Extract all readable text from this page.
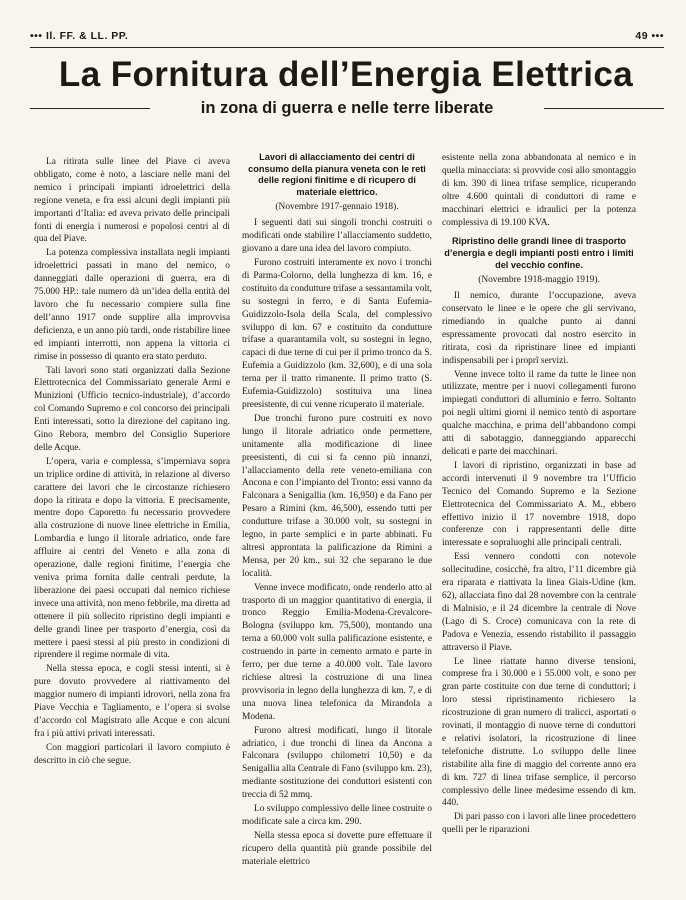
••• Il. FF. & LL. PP.	49 •••
La Fornitura dell’Energia Elettrica
in zona di guerra e nelle terre liberate

La ritirata sulle linee del Piave ci aveva obbligato, come è noto, a lasciare nelle mani del nemico i principali impianti idroelettrici della regione veneta, e fra essi alcuni degli impianti più importanti d’Italia: ed aveva privato delle principali fonti di energia i numerosi e popolosi centri al di qua del Piave.

La potenza complessiva installata negli impianti idroelettrici passati in mano del nemico, o danneggiati dalle operazioni di guerra, era di 75.000 HP.: tale numero dà un’idea della entità del lavoro che fu necessario compiere sulla fine dell’anno 1917 onde supplire alla improvvisa deficienza, e un anno più tardi, onde ristabilire linee ed impianti interrotti, non appena la vittoria ci rimise in possesso di quanto era stato perduto.

Tali lavori sono stati organizzati dalla Sezione Elettrotecnica del Commissariato generale Armi e Munizioni (Ufficio tecnico-industriale), d’accordo col Comando Supremo e col concorso dei principali Enti interessati, sotto la direzione del capitano ing. Gino Rebora, membro del Consiglio Superiore delle Acque.

L’opera, varia e complessa, s’imperniava sopra un triplice ordine di attività, in relazione al diverso carattere dei lavori che le circostanze richiesero dopo la ritirata e dopo la vittoria. E precisamente, mentre dopo Caporetto fu necessario provvedere alla costruzione di nuove linee elettriche in Emilia, Lombardia e lungo il litorale adriatico, onde fare affluire ai centri del Veneto e alla zona di operazione, dalle regioni finitime, l’energia che veniva prima fornita dalle centrali perdute, la liberazione dei paesi occupati dal nemico richiese invece una attività, non meno febbrile, ma diretta ad ottenere il più sollecito ripristino degli impianti e delle grandi linee per trasporto d’energia, così da mettere i paesi stessi al più presto in condizioni di riprendere il regime normale di vita.

Nella stessa epoca, e cogli stessi intenti, si è pure dovuto provvedere al riattivamento del maggior numero di impianti idrovori, nella zona fra Piave Vecchia e Tagliamento, e l’opera si svolse d’accordo col Magistrato alle Acque e con alcuni fra i più attivi privati interessati.

Con maggiori particolari il lavoro compiuto è descritto in ciò che segue.

Lavori di allacciamento dei centri di consumo della pianura veneta con le reti delle regioni finitime e di ricupero di materiale elettrico.
(Novembre 1917-gennaio 1918).

I seguenti dati sui singoli tronchi costruiti o modificati onde stabilire l’allacciamento suddetto, giovano a dare una idea del lavoro compiuto.

Furono costruiti interamente ex novo i tronchi di Parma-Colorno, della lunghezza di km. 16, e costituito da condutture trifase a sessantamila volt, su sostegni in ferro, e di Santa Eufemia-Guidizzolo-Isola della Scala, del complessivo sviluppo di km. 67 e costituito da condutture trifase a quarantamila volt, su sostegni in legno, capaci di due terne di cui per il primo tronco da S. Eufemia a Guidizzolo (km. 32,600), e di una sola terna per il tratto rimanente. Il primo tratto (S. Eufemia-Guidizzolo) sostituiva una linea preesistente, di cui venne ricuperato il materiale.

Due tronchi furono pure costruiti ex novo lungo il litorale adriatico onde permettere, unitamente alla modificazione di linee preesistenti, di cui si fa cenno più innanzi, l’allacciamento della rete veneto-emiliana con Ancona e con l’impianto del Tronto: essi vanno da Falconara a Senigallia (km. 16,950) e da Fano per Pesaro a Rimini (km. 46,500), essendo tutti per condutture trifase a 30.000 volt, su sostegni in legno, in parte semplici e in parte abbinati. Fu altresì approntata la palificazione da Rimini a Mensa, per 20 km., sui 32 che separano le due località.

Venne invece modificato, onde renderlo atto al trasporto di un maggior quantitativo di energia, il tronco Reggio Emilia-Modena-Crevalcore-Bologna (sviluppo km. 75,500), montando una terna a 60.000 volt sulla palificazione esistente, e costruendo in parte in cemento armato e parte in ferro, per due terne a 40.000 volt. Tale lavoro richiese altresì la costruzione di una linea provvisoria in legno della lunghezza di km. 7, e di una nuova linea telefonica da Mirandola a Modena.

Furono altresì modificati, lungo il litorale adriatico, i due tronchi di linea da Ancona a Falconara (sviluppo chilometri 10,50) e da Senigallia alla Centrale di Fano (sviluppo km. 23), mediante sostituzione dei conduttori esistenti con treccia di 52 mmq.

Lo sviluppo complessivo delle linee costruite o modificate sale a circa km. 290.

Nella stessa epoca si dovette pure effettuare il ricupero della quantità più grande possibile del materiale elettrico

esistente nella zona abbandonata al nemico e in quella minacciata: si provvide così allo smontaggio di km. 390 di linea trifase semplice, ricuperando oltre 4.600 quintali di conduttori di rame e macchinari elettrici e idraulici per la potenza complessiva di 19.100 KVA.

Ripristino delle grandi linee di trasporto d’energia e degli impianti posti entro i limiti del vecchio confine.
(Novembre 1918-maggio 1919).

Il nemico, durante l’occupazione, aveva conservato le linee e le opere che gli servivano, rimediando in qualche punto ai danni espressamente provocati dal nostro esercito in ritirata, così da ripristinare linee ed impianti indispensabili per i proprî servizi.

Venne invece tolto il rame da tutte le linee non utilizzate, mentre per i nuovi collegamenti furono impiegati conduttori di alluminio e ferro. Soltanto poi negli ultimi giorni il nemico tentò di asportare qualche macchina, e prima dell’abbandono compì atti di sabotaggio, danneggiando apparecchi delicati e parte dei macchinari.

I lavori di ripristino, organizzati in base ad accordi intervenuti il 9 novembre tra l’Ufficio Tecnico del Comando Supremo e la Sezione Elettrotecnica del Commissariato A. M., ebbero effettivo inizio il 17 novembre 1918, dopo conferenze con i rappresentanti delle ditte interessate e sopraluoghi alle principali centrali.

Essi vennero condotti con notevole sollecitudine, cosicchè, fra altro, l’11 dicembre già era riparata e riattivata la linea Giais-Udine (km. 62), allacciata fino dal 28 novembre con la centrale di Malnisio, e il 24 dicembre la centrale di Nove (Lago di S. Croce) comunicava con la rete di Padova e Venezia, essendo ristabilito il passaggio attraverso il Piave.

Le linee riattate hanno diverse tensioni, comprese fra i 30.000 e i 55.000 volt, e sono per gran parte costituite con due terne di conduttori; i loro stessi ripristinamento richiesero la ricostruzione di gran numero di tralicci, asportati o rovinati, il montaggio di nuove terne di conduttori e relativi isolatori, la ricostruzione di linee telefoniche distrutte. Lo sviluppo delle linee ristabilite alla fine di maggio del corrente anno era di km. 727 di linea trifase semplice, il percorso complessivo delle linee medesime essendo di km. 440.

Di pari passo con i lavori alle linee procedettero quelli per le riparazioni
